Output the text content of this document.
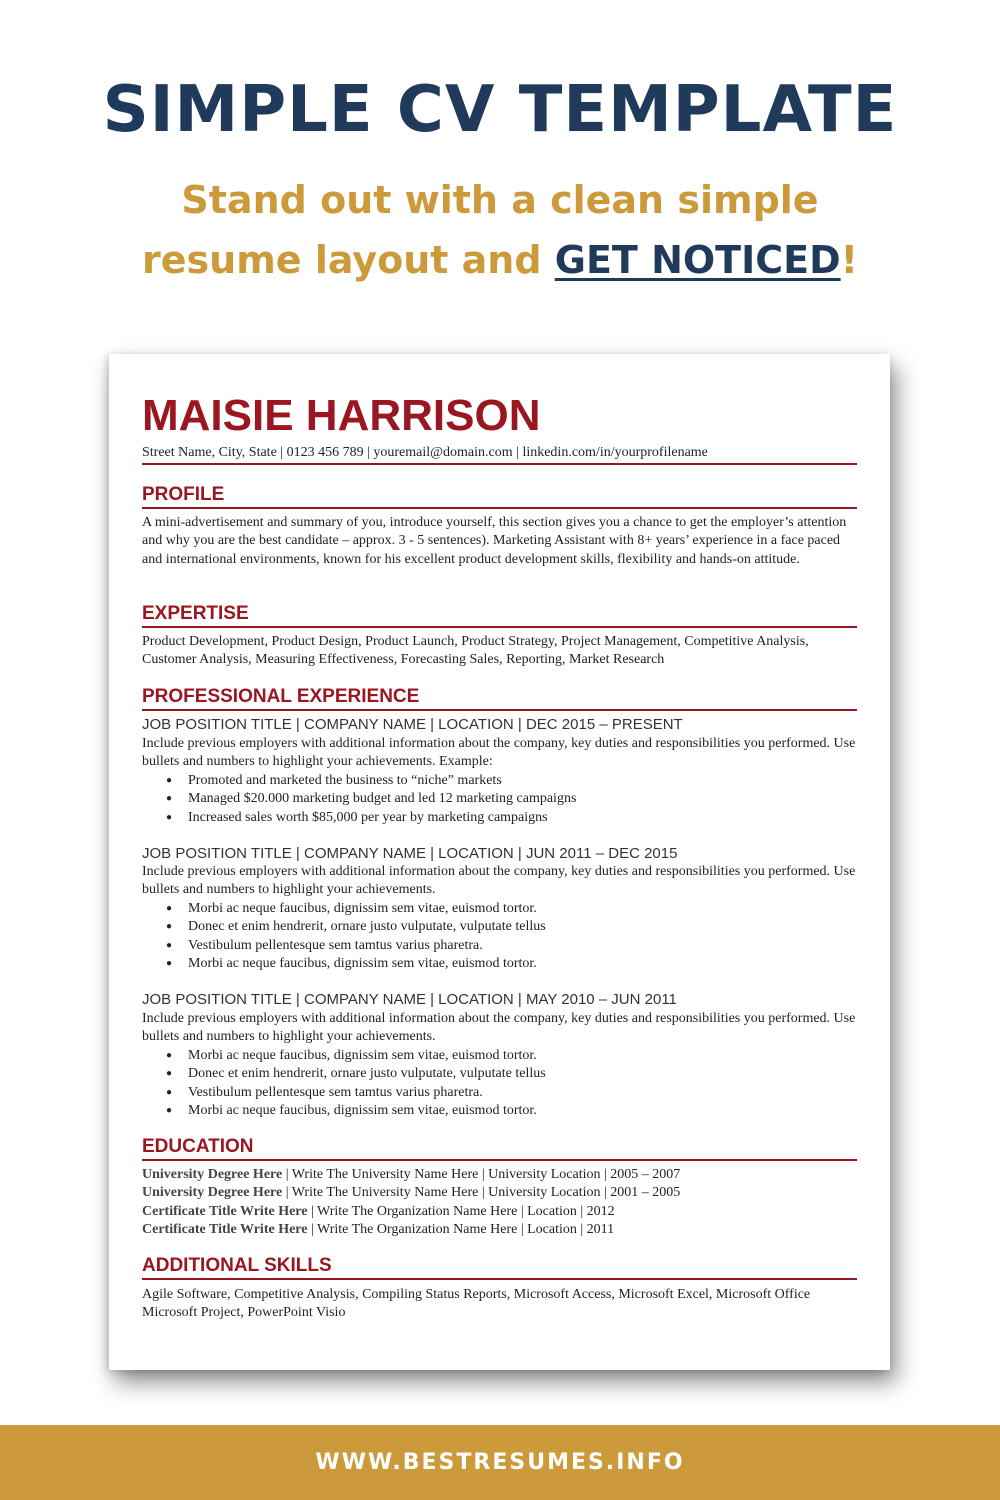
SIMPLE CV TEMPLATE
Stand out with a clean simple
resume layout and GET NOTICED!
MAISIE HARRISON
Street Name, City, State | 0123 456 789 | youremail@domain.com | linkedin.com/in/yourprofilename
PROFILE
A mini-advertisement and summary of you, introduce yourself, this section gives you a chance to get the employer’s attention and why you are the best candidate – approx. 3 - 5 sentences). Marketing Assistant with 8+ years’ experience in a face paced and international environments, known for his excellent product development skills, flexibility and hands-on attitude.
EXPERTISE
Product Development, Product Design, Product Launch, Product Strategy, Project Management, Competitive Analysis, Customer Analysis, Measuring Effectiveness, Forecasting Sales, Reporting, Market Research
PROFESSIONAL EXPERIENCE
JOB POSITION TITLE | COMPANY NAME | LOCATION | DEC 2015 – PRESENT
Include previous employers with additional information about the company, key duties and responsibilities you performed. Use bullets and numbers to highlight your achievements. Example:
● Promoted and marketed the business to “niche” markets
● Managed $20.000 marketing budget and led 12 marketing campaigns
● Increased sales worth $85,000 per year by marketing campaigns
JOB POSITION TITLE | COMPANY NAME | LOCATION | JUN 2011 – DEC 2015
Include previous employers with additional information about the company, key duties and responsibilities you performed. Use bullets and numbers to highlight your achievements.
● Morbi ac neque faucibus, dignissim sem vitae, euismod tortor.
● Donec et enim hendrerit, ornare justo vulputate, vulputate tellus
● Vestibulum pellentesque sem tamtus varius pharetra.
● Morbi ac neque faucibus, dignissim sem vitae, euismod tortor.
JOB POSITION TITLE | COMPANY NAME | LOCATION | MAY 2010 – JUN 2011
Include previous employers with additional information about the company, key duties and responsibilities you performed. Use bullets and numbers to highlight your achievements.
● Morbi ac neque faucibus, dignissim sem vitae, euismod tortor.
● Donec et enim hendrerit, ornare justo vulputate, vulputate tellus
● Vestibulum pellentesque sem tamtus varius pharetra.
● Morbi ac neque faucibus, dignissim sem vitae, euismod tortor.
EDUCATION
University Degree Here | Write The University Name Here | University Location | 2005 – 2007
University Degree Here | Write The University Name Here | University Location | 2001 – 2005
Certificate Title Write Here | Write The Organization Name Here | Location | 2012
Certificate Title Write Here | Write The Organization Name Here | Location | 2011
ADDITIONAL SKILLS
Agile Software, Competitive Analysis, Compiling Status Reports, Microsoft Access, Microsoft Excel, Microsoft Office Microsoft Project, PowerPoint Visio
WWW.BESTRESUMES.INFO
